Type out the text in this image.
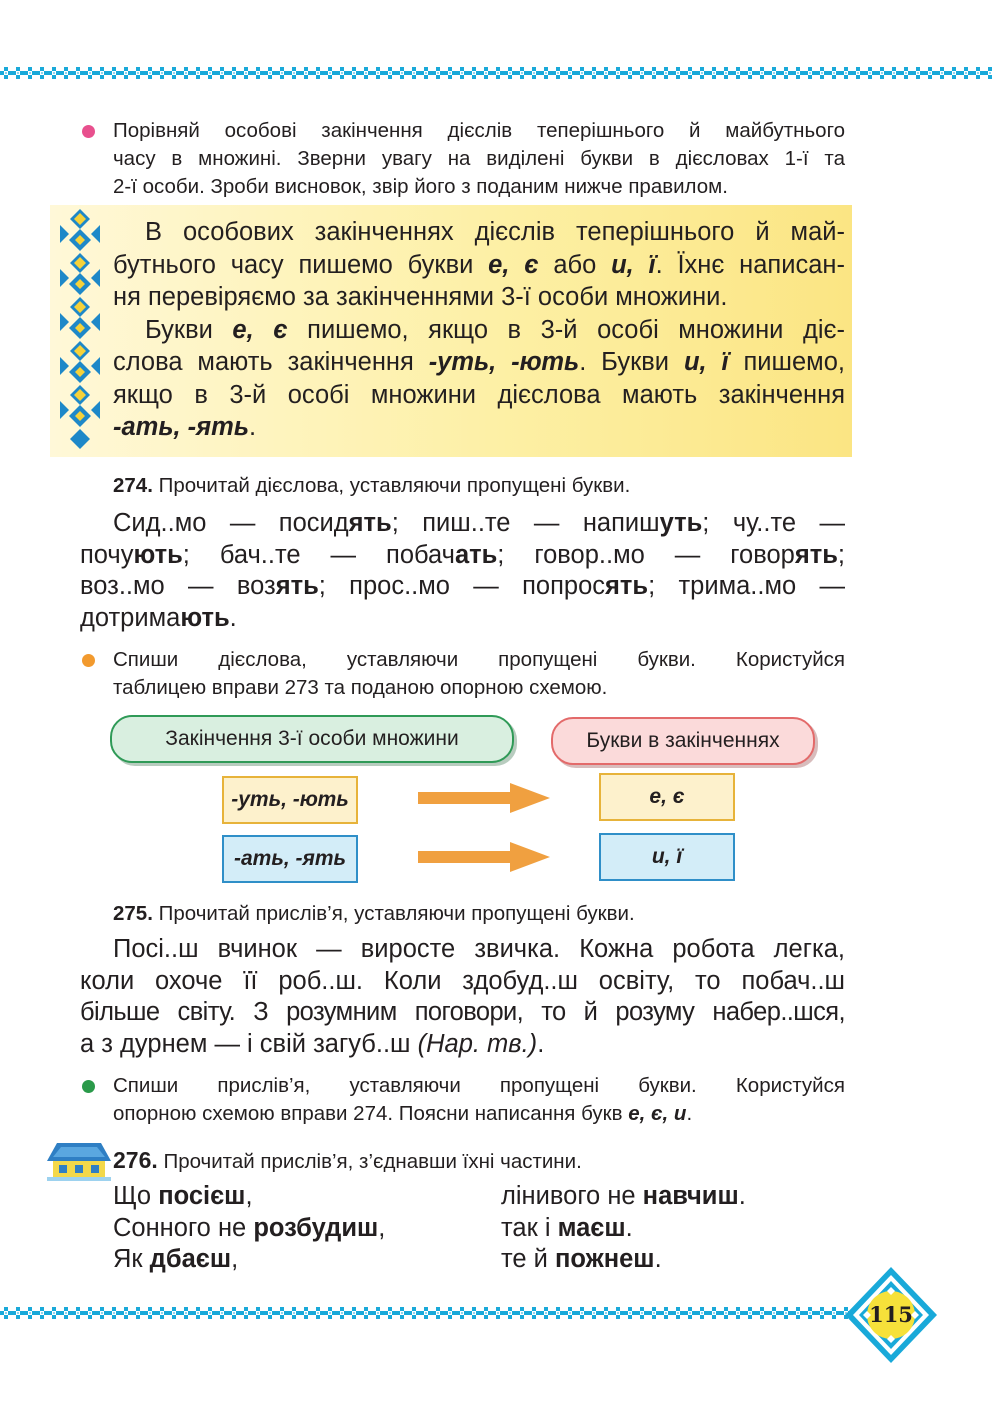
Порівняй особові закінчення дієслів теперішнього й майбутнього
часу в множині. Зверни увагу на виділені букви в дієсловах 1-ї та
2-ї особи. Зроби висновок, звір його з поданим нижче правилом.
В особових закінченнях дієслів теперішнього й май-
бутнього часу пишемо букви е, є або и, ї. Їхнє написан-
ня перевіряємо за закінченнями 3-ї особи множини.
Букви е, є пишемо, якщо в 3-й особі множини діє-
слова мають закінчення -уть, -ють. Букви и, ї пишемо,
якщо в 3-й особі множини дієслова мають закінчення
-ать, -ять.
274. Прочитай дієслова, уставляючи пропущені букви.
Сид..мо — посидять; пиш..те — напишуть; чу..те —
почують; бач..те — побачать; говор..мо — говорять;
воз..мо — возять; прос..мо — попросять; трима..мо —
дотримають.
Спиши дієслова, уставляючи пропущені букви. Користуйся
таблицею вправи 273 та поданою опорною схемою.
Закінчення 3-ї особи множини	Букви в закінченнях
-уть, -ють
-ать, -ять
е, є
и, ї
275. Прочитай прислів’я, уставляючи пропущені букви.
Посі..ш вчинок — виросте звичка. Кожна робота легка,
коли охоче її роб..ш. Коли здобуд..ш освіту, то побач..ш
більше світу. З розумним поговори, то й розуму набер..шся,
а з дурнем — і свій загуб..ш (Нар. тв.).
Спиши прислів’я, уставляючи пропущені букви. Користуйся
опорною схемою вправи 274. Поясни написання букв е, є, и.
276. Прочитай прислів’я, з’єднавши їхні частини.
Що посієш,
Сонного не розбудиш,
Як дбаєш,
лінивого не навчиш.
так і маєш.
те й пожнеш.
115
